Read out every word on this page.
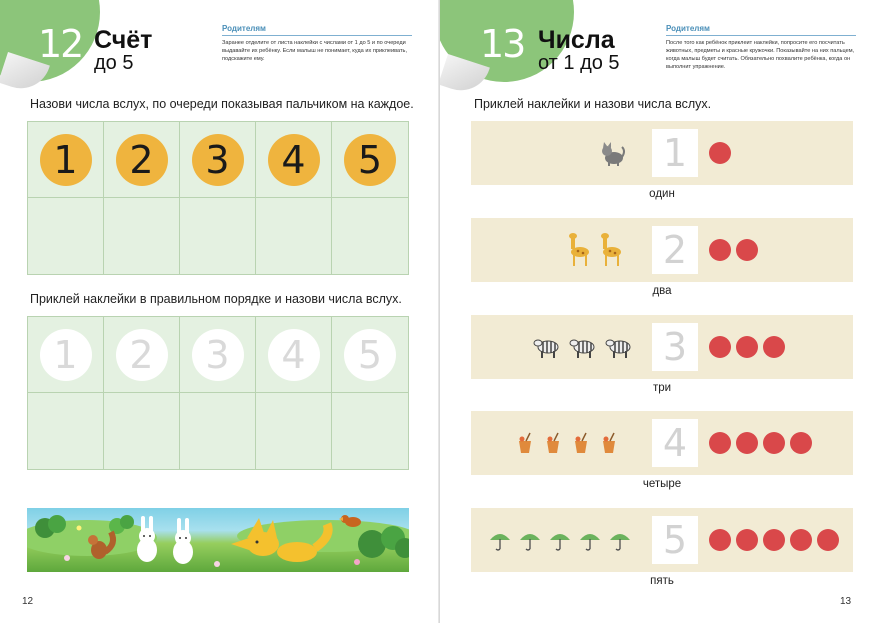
12 Счёт
до 5
Родителям
Заранее отделите от листа наклейки с числами от 1 до 5 и по очереди выдавайте их ребёнку. Если малыш не понимает, куда их приклеивать, подскажите ему.
Назови числа вслух, по очереди показывая пальчиком на каждое.
1	2	3	4	5
Приклей наклейки в правильном порядке и назови числа вслух.
1	2	3	4	5
12
13 Числа
от 1 до 5
Родителям
После того как ребёнок приклеит наклейки, попросите его посчитать животных, предметы и красные кружочки. Показывайте на них пальцем, когда малыш будет считать. Обязательно похвалите ребёнка, когда он выполнит упражнение.
Приклей наклейки и назови числа вслух.
1
один
2
два
3
три
4
четыре
5
пять
13
